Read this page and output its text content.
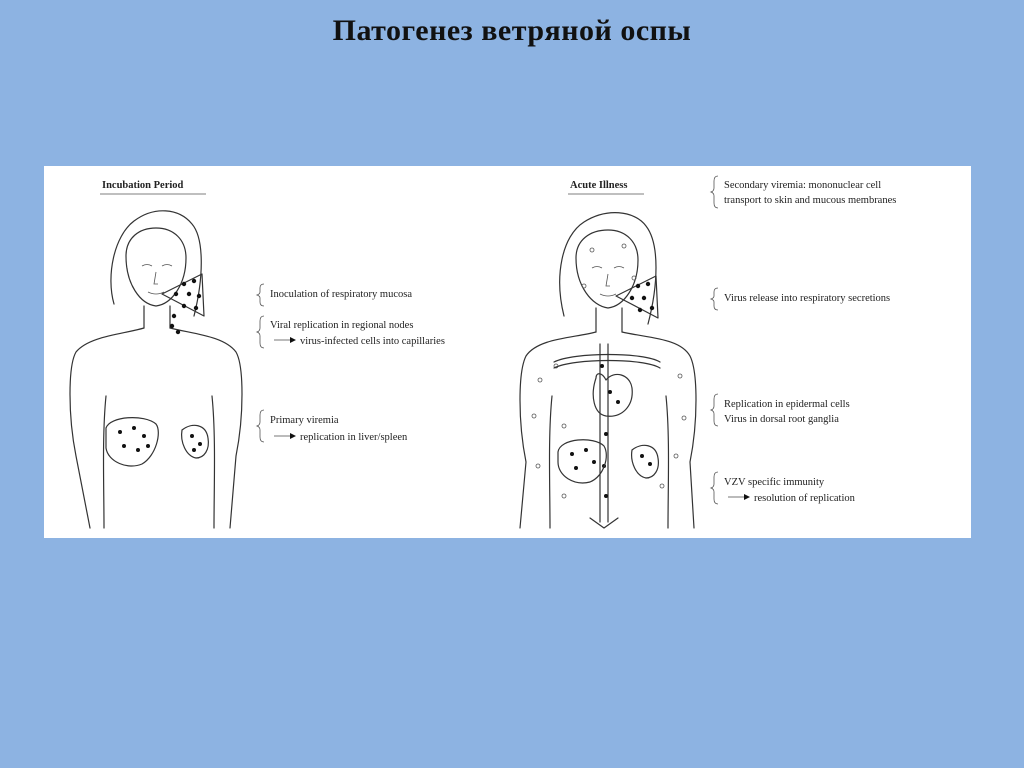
Патогенез ветряной оспы
Incubation Period
Inoculation of respiratory mucosa
Viral replication in regional nodes
virus-infected cells into capillaries
Primary viremia
replication in liver/spleen
Acute Illness	Secondary viremia: mononuclear cell
transport to skin and mucous membranes
Virus release into respiratory secretions
Replication in epidermal cells
Virus in dorsal root ganglia
VZV specific immunity
resolution of replication
